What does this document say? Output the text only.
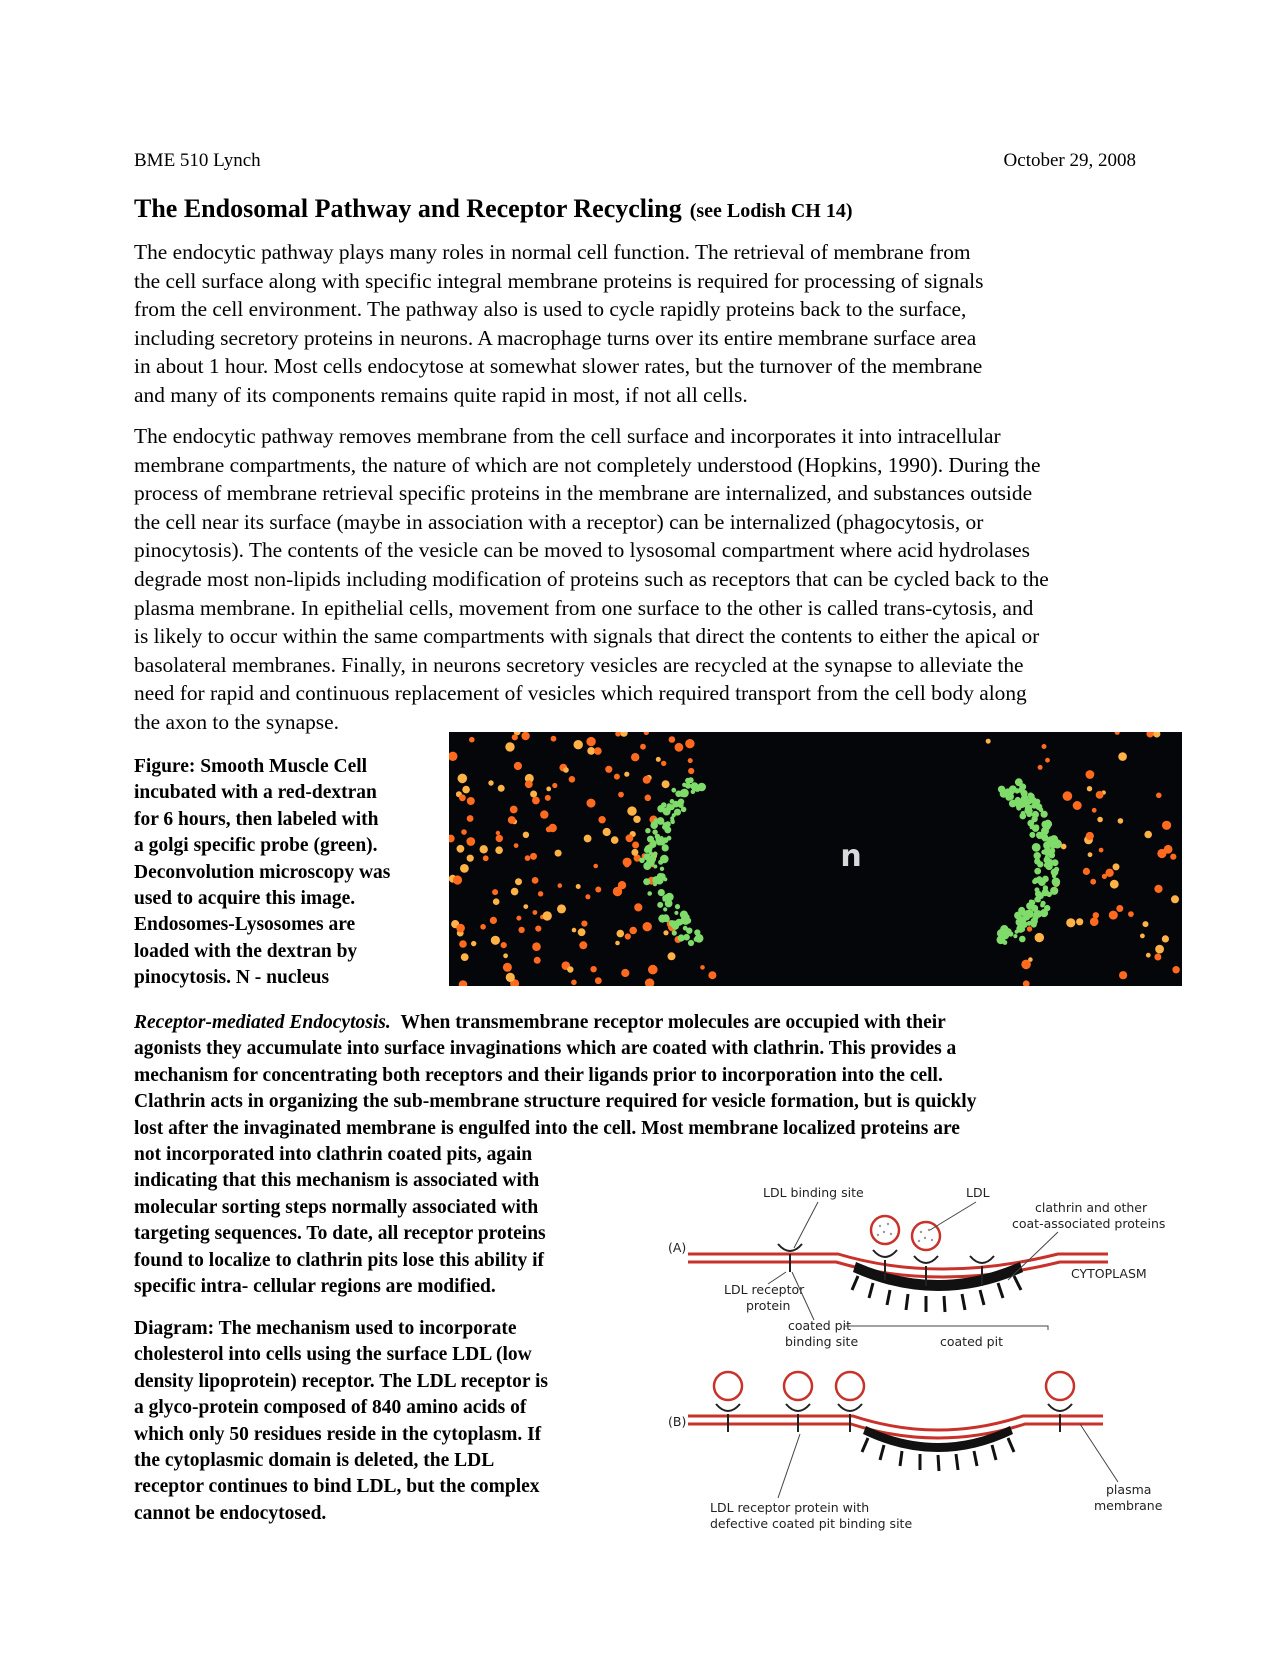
BME 510 Lynch	October 29, 2008
The Endosomal Pathway and Receptor Recycling (see Lodish CH 14)

The endocytic pathway plays many roles in normal cell function. The retrieval of membrane from
the cell surface along with specific integral membrane proteins is required for processing of signals
from the cell environment. The pathway also is used to cycle rapidly proteins back to the surface,
including secretory proteins in neurons. A macrophage turns over its entire membrane surface area
in about 1 hour. Most cells endocytose at somewhat slower rates, but the turnover of the membrane
and many of its components remains quite rapid in most, if not all cells.

The endocytic pathway removes membrane from the cell surface and incorporates it into intracellular
membrane compartments, the nature of which are not completely understood (Hopkins, 1990). During the
process of membrane retrieval specific proteins in the membrane are internalized, and substances outside
the cell near its surface (maybe in association with a receptor) can be internalized (phagocytosis, or
pinocytosis). The contents of the vesicle can be moved to lysosomal compartment where acid hydrolases
degrade most non-lipids including modification of proteins such as receptors that can be cycled back to the
plasma membrane. In epithelial cells, movement from one surface to the other is called trans-cytosis, and
is likely to occur within the same compartments with signals that direct the contents to either the apical or
basolateral membranes. Finally, in neurons secretory vesicles are recycled at the synapse to alleviate the
need for rapid and continuous replacement of vesicles which required transport from the cell body along
the axon to the synapse.

Figure: Smooth Muscle Cell
incubated with a red-dextran
for 6 hours, then labeled with
a golgi specific probe (green).
Deconvolution microscopy was
used to acquire this image.
Endosomes-Lysosomes are
loaded with the dextran by
pinocytosis. N - nucleus
n
Receptor-mediated Endocytosis. When transmembrane receptor molecules are occupied with their
agonists they accumulate into surface invaginations which are coated with clathrin. This provides a
mechanism for concentrating both receptors and their ligands prior to incorporation into the cell.
Clathrin acts in organizing the sub-membrane structure required for vesicle formation, but is quickly
lost after the invaginated membrane is engulfed into the cell. Most membrane localized proteins are
not incorporated into clathrin coated pits, again
indicating that this mechanism is associated with
molecular sorting steps normally associated with
targeting sequences. To date, all receptor proteins
found to localize to clathrin pits lose this ability if
specific intra- cellular regions are modified.
Diagram: The mechanism used to incorporate
cholesterol into cells using the surface LDL (low
density lipoprotein) receptor. The LDL receptor is
a glyco-protein composed of 840 amino acids of
which only 50 residues reside in the cytoplasm. If
the cytoplasmic domain is deleted, the LDL
receptor continues to bind LDL, but the complex
cannot be endocytosed.
(A)
(B)
LDL binding site	LDL
clathrin and other
coat-associated proteins
CYTOPLASM
LDL receptor
protein
coated pit
binding site	coated pit
plasma
membrane
LDL receptor protein with
defective coated pit binding site
